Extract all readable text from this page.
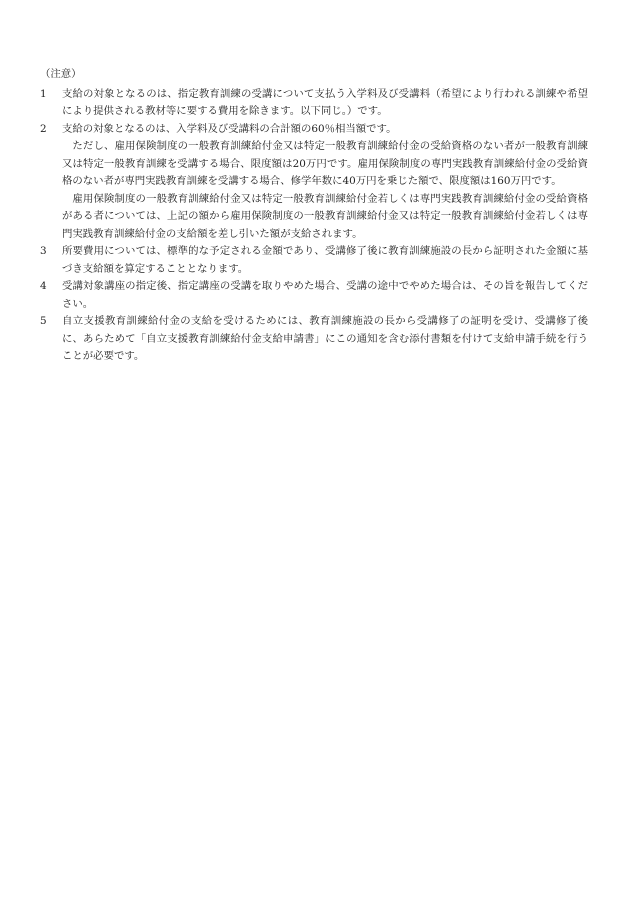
（注意）
1	支給の対象となるのは、指定教育訓練の受講について支払う入学料及び受講料（希望により行われる訓練や希望により提供される教材等に要する費用を除きます。以下同じ。）です。

2	支給の対象となるのは、入学料及び受講料の合計額の60％相当額です。

ただし、雇用保険制度の一般教育訓練給付金又は特定一般教育訓練給付金の受給資格のない者が一般教育訓練又は特定一般教育訓練を受講する場合、限度額は20万円です。雇用保険制度の専門実践教育訓練給付金の受給資格のない者が専門実践教育訓練を受講する場合、修学年数に40万円を乗じた額で、限度額は160万円です。

雇用保険制度の一般教育訓練給付金又は特定一般教育訓練給付金若しくは専門実践教育訓練給付金の受給資格がある者については、上記の額から雇用保険制度の一般教育訓練給付金又は特定一般教育訓練給付金若しくは専門実践教育訓練給付金の支給額を差し引いた額が支給されます。

3	所要費用については、標準的な予定される金額であり、受講修了後に教育訓練施設の長から証明された金額に基づき支給額を算定することとなります。

4	受講対象講座の指定後、指定講座の受講を取りやめた場合、受講の途中でやめた場合は、その旨を報告してください。

5	自立支援教育訓練給付金の支給を受けるためには、教育訓練施設の長から受講修了の証明を受け、受講修了後に、あらためて「自立支援教育訓練給付金支給申請書」にこの通知を含む添付書類を付けて支給申請手続を行うことが必要です。
